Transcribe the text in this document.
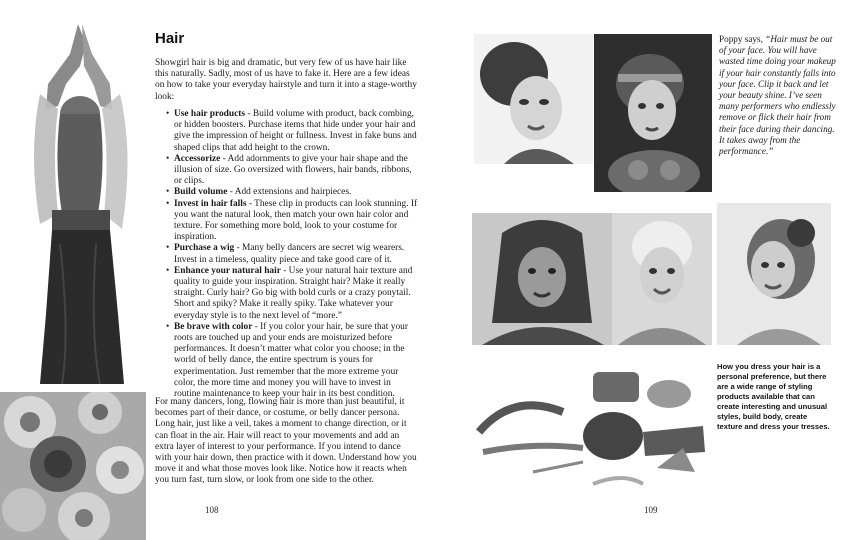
Hair

Showgirl hair is big and dramatic, but very few of us have hair like this naturally. Sadly, most of us have to fake it. Here are a few ideas on how to take your everyday hairstyle and turn it into a stage-worthy look:

• Use hair products - Build volume with product, back combing, or hidden boosters. Purchase items that hide under your hair and give the impression of height or fullness. Invest in fake buns and shaped clips that add height to the crown.
• Accessorize - Add adornments to give your hair shape and the illusion of size. Go oversized with flowers, hair bands, ribbons, or clips.
• Build volume - Add extensions and hairpieces.
• Invest in hair falls - These clip in products can look stunning. If you want the natural look, then match your own hair color and texture. For something more bold, look to your costume for inspiration.
• Purchase a wig - Many belly dancers are secret wig wearers. Invest in a timeless, quality piece and take good care of it.
• Enhance your natural hair - Use your natural hair texture and quality to guide your inspiration. Straight hair? Make it really straight. Curly hair? Go big with bold curls or a crazy ponytail. Short and spiky? Make it really spiky. Take whatever your everyday style is to the next level of “more.”
• Be brave with color - If you color your hair, be sure that your roots are touched up and your ends are moisturized before performances. It doesn’t matter what color you choose; in the world of belly dance, the entire spectrum is yours for experimentation. Just remember that the more extreme your color, the more time and money you will have to invest in routine maintenance to keep your hair in its best condition.

For many dancers, long, flowing hair is more than just beautiful, it becomes part of their dance, or costume, or belly dancer persona. Long hair, just like a veil, takes a moment to change direction, or it can float in the air. Hair will react to your movements and add an extra layer of interest to your performance. If you intend to dance with your hair down, then practice with it down. Understand how you move it and what those moves look like. Notice how it reacts when you turn fast, turn slow, or look from one side to the other.

108
Poppy says, “Hair must be out of your face. You will have wasted time doing your makeup if your hair constantly falls into your face. Clip it back and let your beauty shine. I’ve seen many performers who endlessly remove or flick their hair from their face during their dancing. It takes away from the performance.”
How you dress your hair is a personal preference, but there are a wide range of styling products available that can create interesting and unusual styles, build body, create texture and dress your tresses.
109
